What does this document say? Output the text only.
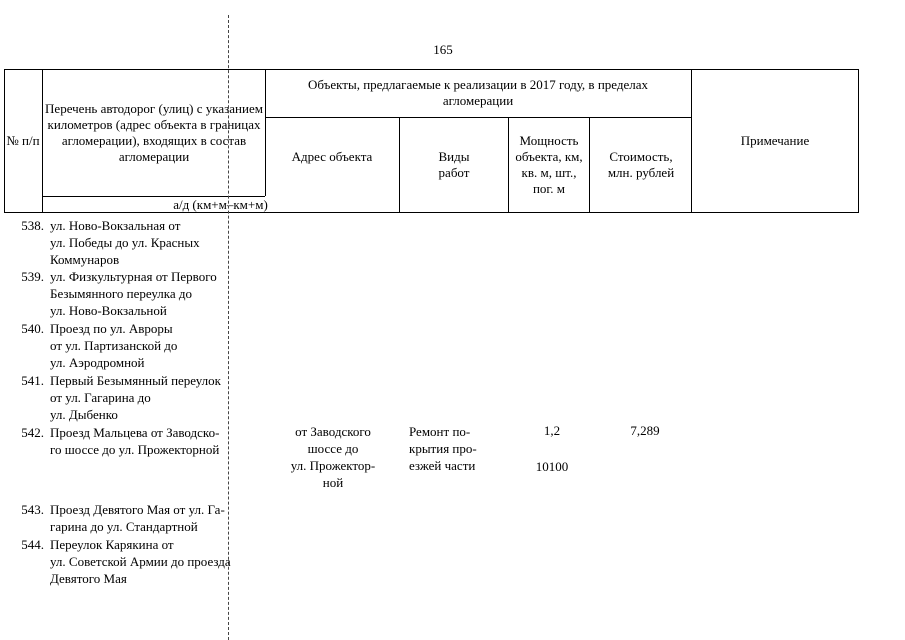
165
№ п/п
Перечень автодорог (улиц) с указанием километров (адрес объекта в границах агломерации), входящих в состав агломерации
а/д (км+м–км+м)
Объекты, предлагаемые к реализации в 2017 году, в пределах агломерации
Адрес объекта	Виды работ
Мощность объекта, км, кв. м, шт., пог. м
Стоимость, млн. рублей
Примечание
538. ул. Ново-Вокзальная от
ул. Победы до ул. Красных
Коммунаров
539. ул. Физкультурная от Первого
Безымянного переулка до
ул. Ново-Вокзальной
540. Проезд по ул. Авроры
от ул. Партизанской до
ул. Аэродромной
541. Первый Безымянный переулок
от ул. Гагарина до
ул. Дыбенко
542. Проезд Мальцева от Заводско-
го шоссе до ул. Прожекторной
от Заводского
шоссе до
ул. Прожектор-
ной
Ремонт по-
крытия про-
езжей части
1,2
10100
7,289
543. Проезд Девятого Мая от ул. Га-
гарина до ул. Стандартной
544. Переулок Карякина от
ул. Советской Армии до проезда
Девятого Мая
